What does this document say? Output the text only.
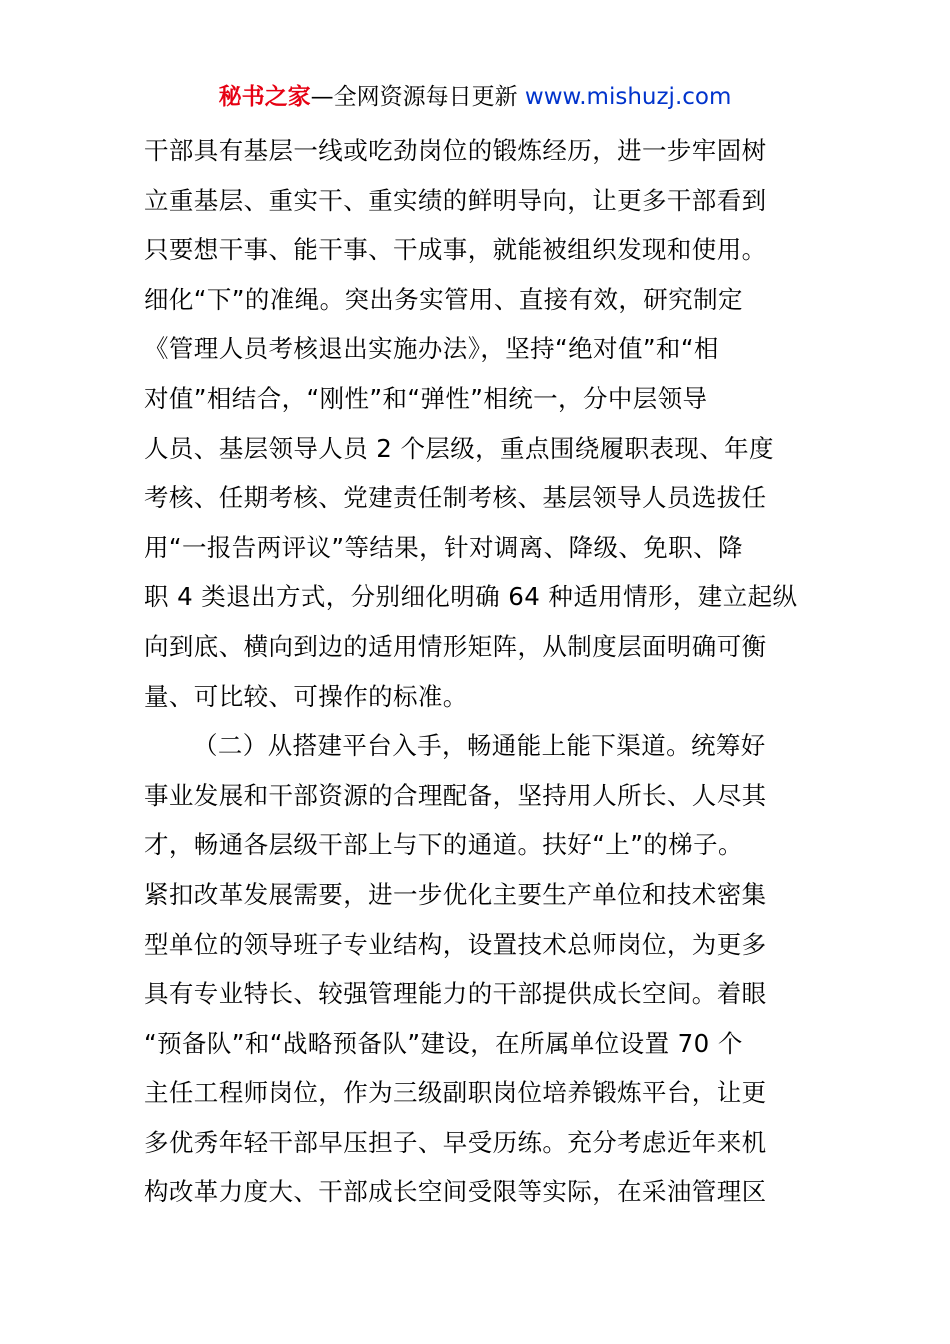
秘书之家—全网资源每日更新 www.mishuzj.com
干部具有基层一线或吃劲岗位的锻炼经历，进一步牢固树
立重基层、重实干、重实绩的鲜明导向，让更多干部看到
只要想干事、能干事、干成事，就能被组织发现和使用。
细化“下”的准绳。突出务实管用、直接有效，研究制定
《管理人员考核退出实施办法》，坚持“绝对值”和“相
对值”相结合，“刚性”和“弹性”相统一，分中层领导
人员、基层领导人员 2 个层级，重点围绕履职表现、年度
考核、任期考核、党建责任制考核、基层领导人员选拔任
用“一报告两评议”等结果，针对调离、降级、免职、降
职 4 类退出方式，分别细化明确 64 种适用情形，建立起纵
向到底、横向到边的适用情形矩阵，从制度层面明确可衡
量、可比较、可操作的标准。
（二）从搭建平台入手，畅通能上能下渠道。统筹好
事业发展和干部资源的合理配备，坚持用人所长、人尽其
才，畅通各层级干部上与下的通道。扶好“上”的梯子。
紧扣改革发展需要，进一步优化主要生产单位和技术密集
型单位的领导班子专业结构，设置技术总师岗位，为更多
具有专业特长、较强管理能力的干部提供成长空间。着眼
“预备队”和“战略预备队”建设，在所属单位设置 70 个
主任工程师岗位，作为三级副职岗位培养锻炼平台，让更
多优秀年轻干部早压担子、早受历练。充分考虑近年来机
构改革力度大、干部成长空间受限等实际，在采油管理区
